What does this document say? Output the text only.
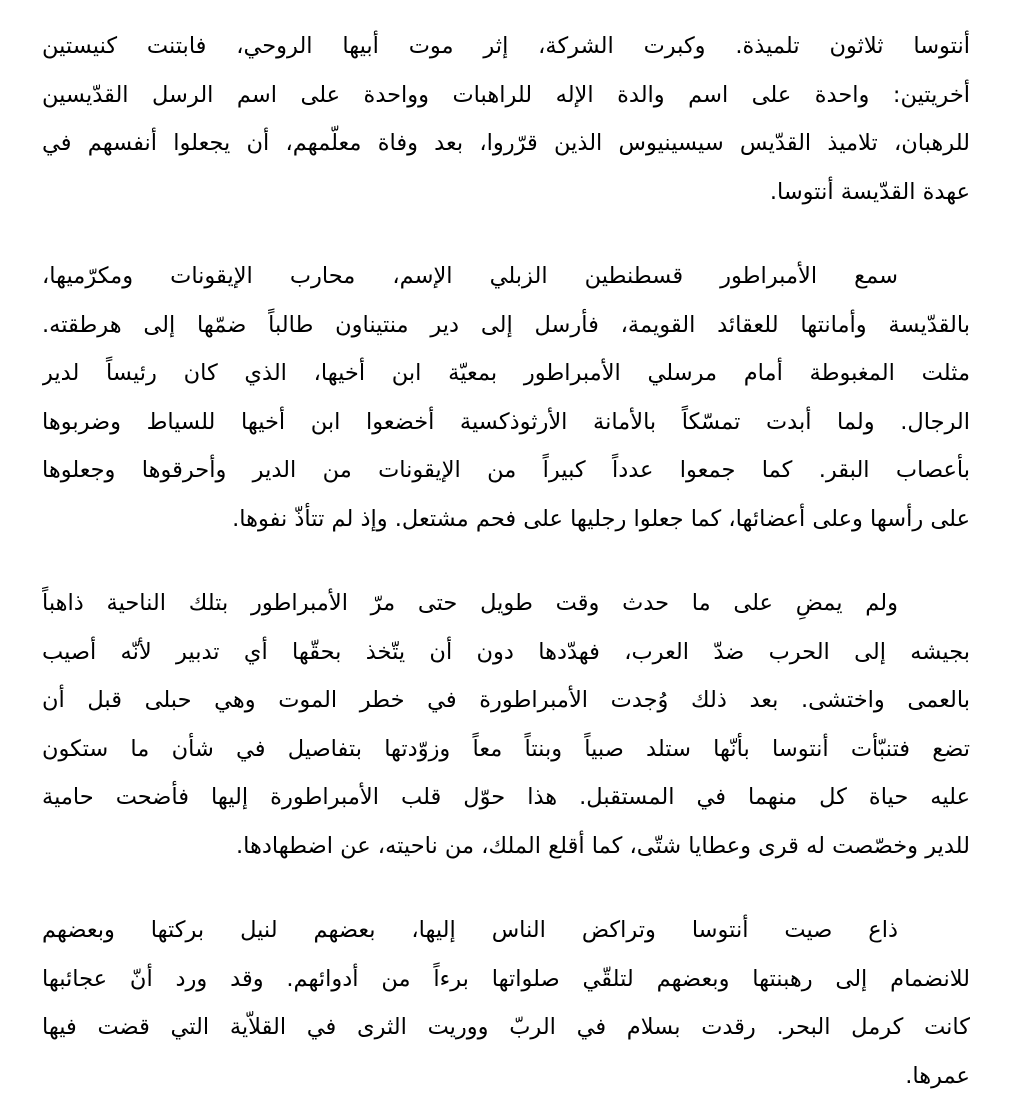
أنتوسا ثلاثون تلميذة. وكبرت الشركة، إثر موت أبيها الروحي، فابتنت كنيستين
أخريتين: واحدة على اسم والدة الإله للراهبات وواحدة على اسم الرسل القدّيسين
للرهبان، تلاميذ القدّيس سيسينيوس الذين قرّروا، بعد وفاة معلّمهم، أن يجعلوا أنفسهم في
عهدة القدّيسة أنتوسا.
سمع الأمبراطور قسطنطين الزبلي الإسم، محارب الإيقونات ومكرّميها،
بالقدّيسة وأمانتها للعقائد القويمة، فأرسل إلى دير منتيناون طالباً ضمّها إلى هرطقته.
مثلت المغبوطة أمام مرسلي الأمبراطور بمعيّة ابن أخيها، الذي كان رئيساً لدير
الرجال. ولما أبدت تمسّكاً بالأمانة الأرثوذكسية أخضعوا ابن أخيها للسياط وضربوها
بأعصاب البقر. كما جمعوا عدداً كبيراً من الإيقونات من الدير وأحرقوها وجعلوها
على رأسها وعلى أعضائها، كما جعلوا رجليها على فحم مشتعل. وإذ لم تتأذّ نفوها.
ولم يمضِ على ما حدث وقت طويل حتى مرّ الأمبراطور بتلك الناحية ذاهباً
بجيشه إلى الحرب ضدّ العرب، فهدّدها دون أن يتّخذ بحقّها أي تدبير لأنّه أصيب
بالعمى واختشى. بعد ذلك وُجدت الأمبراطورة في خطر الموت وهي حبلى قبل أن
تضع فتنبّأت أنتوسا بأنّها ستلد صبياً وبنتاً معاً وزوّدتها بتفاصيل في شأن ما ستكون
عليه حياة كل منهما في المستقبل. هذا حوّل قلب الأمبراطورة إليها فأضحت حامية
للدير وخصّصت له قرى وعطايا شتّى، كما أقلع الملك، من ناحيته، عن اضطهادها.
ذاع صيت أنتوسا وتراكض الناس إليها، بعضهم لنيل بركتها وبعضهم
للانضمام إلى رهبنتها وبعضهم لتلقّي صلواتها برءاً من أدوائهم. وقد ورد أنّ عجائبها
كانت كرمل البحر. رقدت بسلام في الربّ ووريت الثرى في القلاّية التي قضت فيها
عمرها.
